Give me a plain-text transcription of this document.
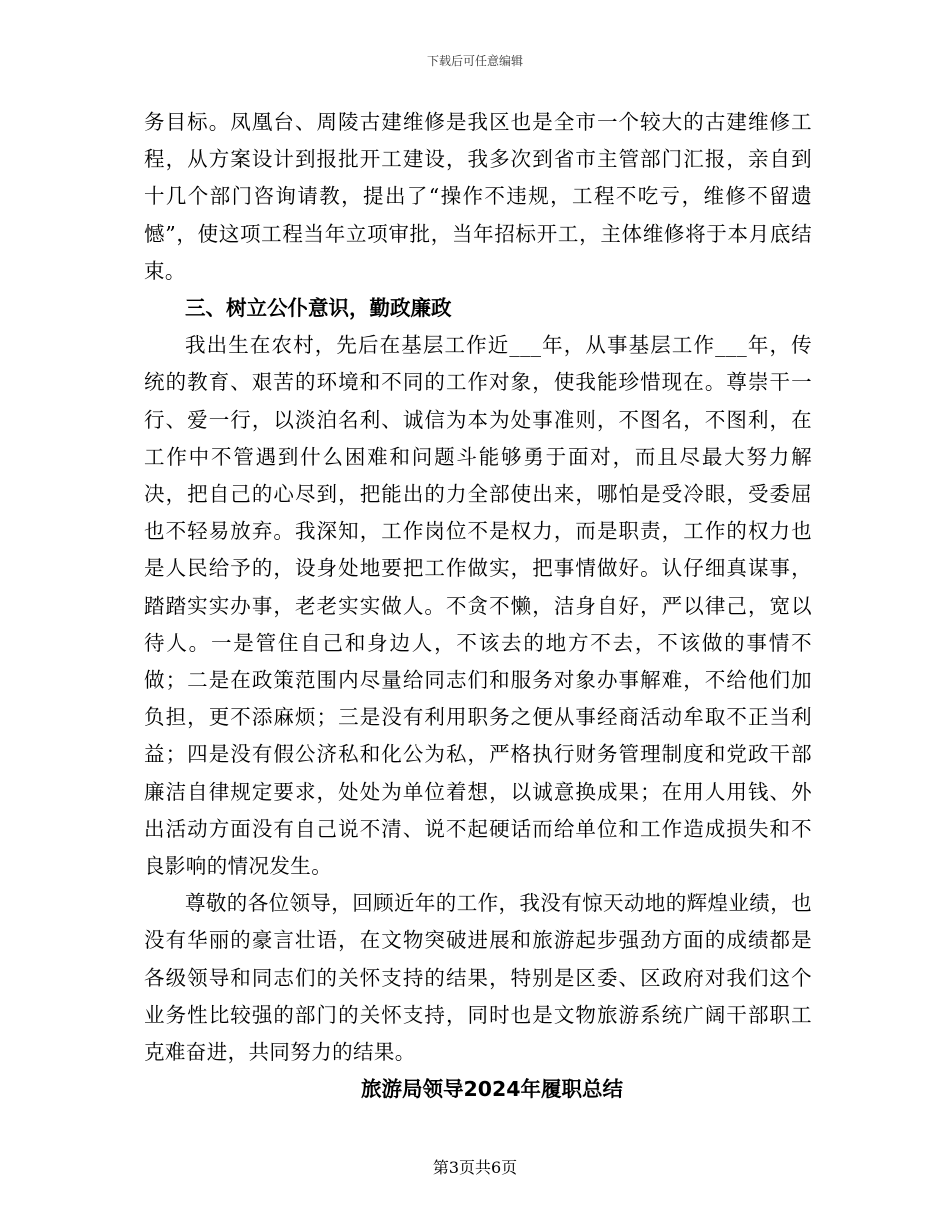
下载后可任意编辑

务目标。凤凰台、周陵古建维修是我区也是全市一个较大的古建维修工程，从方案设计到报批开工建设，我多次到省市主管部门汇报，亲自到十几个部门咨询请教，提出了“操作不违规，工程不吃亏，维修不留遗憾”，使这项工程当年立项审批，当年招标开工，主体维修将于本月底结束。

三、树立公仆意识，勤政廉政

我出生在农村，先后在基层工作近___年，从事基层工作___年，传统的教育、艰苦的环境和不同的工作对象，使我能珍惜现在。尊崇干一行、爱一行，以淡泊名利、诚信为本为处事准则，不图名，不图利，在工作中不管遇到什么困难和问题斗能够勇于面对，而且尽最大努力解决，把自己的心尽到，把能出的力全部使出来，哪怕是受冷眼，受委屈也不轻易放弃。我深知，工作岗位不是权力，而是职责，工作的权力也是人民给予的，设身处地要把工作做实，把事情做好。认仔细真谋事，踏踏实实办事，老老实实做人。不贪不懒，洁身自好，严以律己，宽以待人。一是管住自己和身边人，不该去的地方不去，不该做的事情不做；二是在政策范围内尽量给同志们和服务对象办事解难，不给他们加负担，更不添麻烦；三是没有利用职务之便从事经商活动牟取不正当利益；四是没有假公济私和化公为私，严格执行财务管理制度和党政干部廉洁自律规定要求，处处为单位着想，以诚意换成果；在用人用钱、外出活动方面没有自己说不清、说不起硬话而给单位和工作造成损失和不良影响的情况发生。

尊敬的各位领导，回顾近年的工作，我没有惊天动地的辉煌业绩，也没有华丽的豪言壮语，在文物突破进展和旅游起步强劲方面的成绩都是各级领导和同志们的关怀支持的结果，特别是区委、区政府对我们这个业务性比较强的部门的关怀支持，同时也是文物旅游系统广阔干部职工克难奋进，共同努力的结果。

旅游局领导2024年履职总结

第3页共6页
